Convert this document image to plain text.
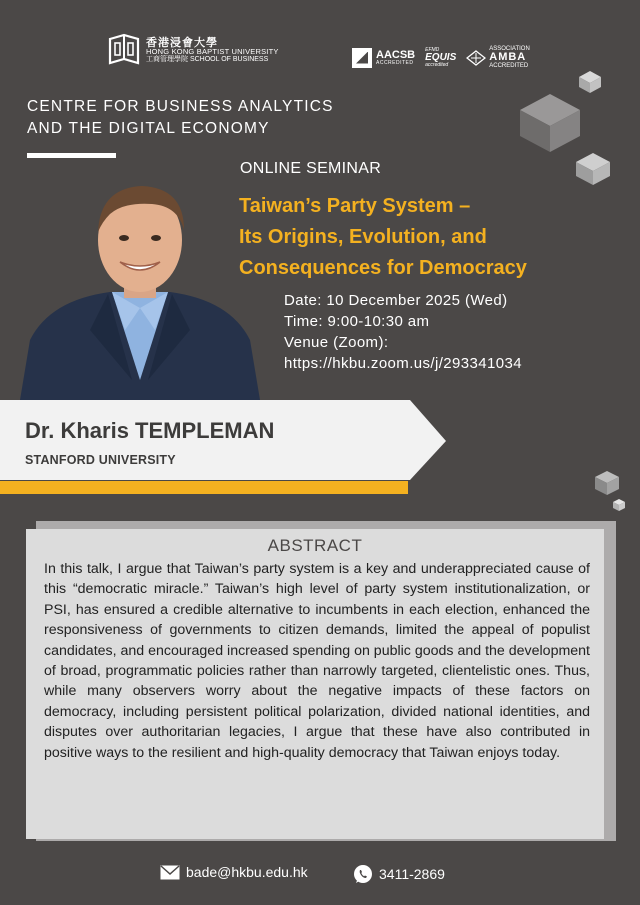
香港浸會大學
HONG KONG BAPTIST UNIVERSITY
工商管理學院 SCHOOL OF BUSINESS	AACSB
ACCREDITED
EFMD
EQUIS
accredited
ASSOCIATION
AMBA
ACCREDITED
CENTRE FOR BUSINESS ANALYTICS
AND THE DIGITAL ECONOMY
ONLINE SEMINAR
Taiwan’s Party System –
Its Origins, Evolution, and
Consequences for Democracy
Date: 10 December 2025 (Wed)
Time: 9:00-10:30 am
Venue (Zoom):
https://hkbu.zoom.us/j/293341034
Dr. Kharis TEMPLEMAN
STANFORD UNIVERSITY
ABSTRACT
In this talk, I argue that Taiwan’s party system is a key and underappreciated cause of this “democratic miracle.” Taiwan’s high level of party system institutionalization, or PSI, has ensured a credible alternative to incumbents in each election, enhanced the responsiveness of governments to citizen demands, limited the appeal of populist candidates, and encouraged increased spending on public goods and the development of broad, programmatic policies rather than narrowly targeted, clientelistic ones. Thus, while many observers worry about the negative impacts of these factors on democracy, including persistent political polarization, divided national identities, and disputes over authoritarian legacies, I argue that these have also contributed in positive ways to the resilient and high-quality democracy that Taiwan enjoys today.
bade@hkbu.edu.hk	3411-2869
